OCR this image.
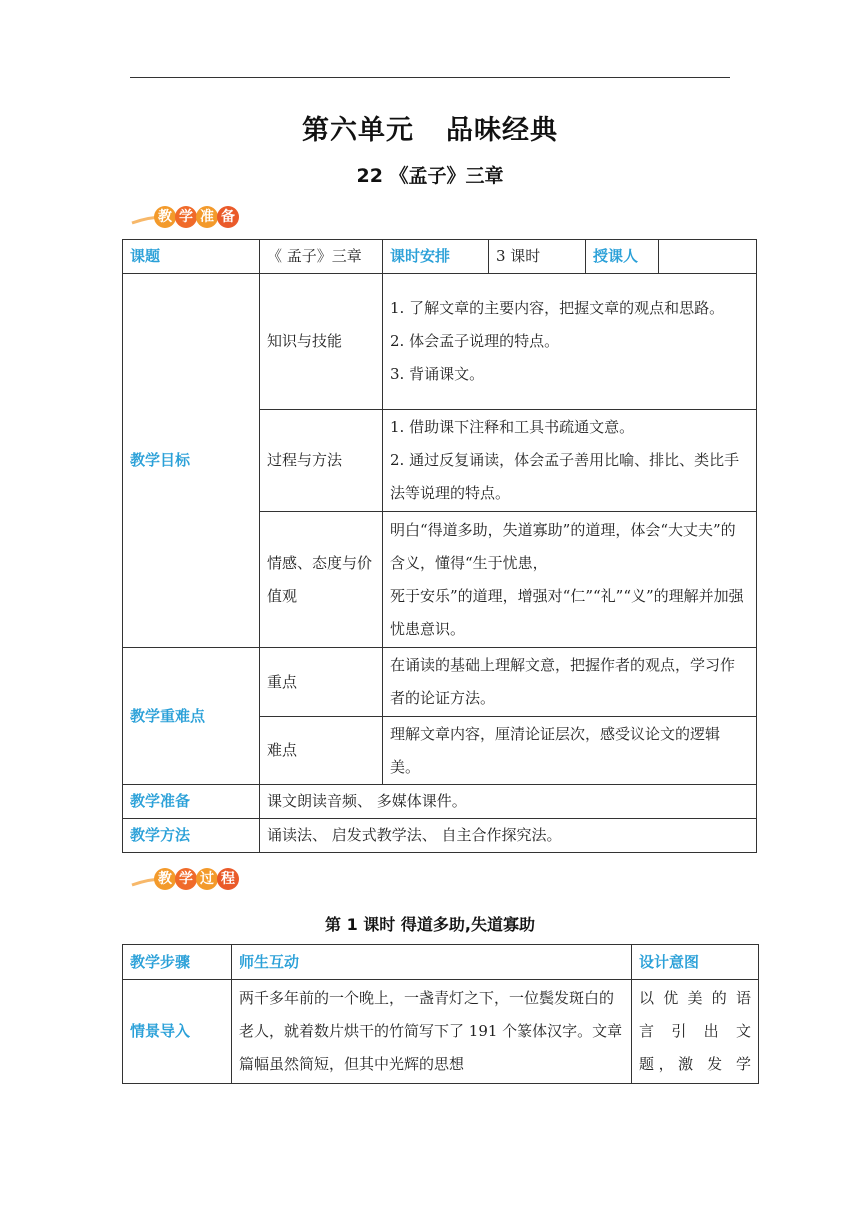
第六单元 品味经典
22 《孟子》三章
教 学 准 备
课题	《 孟子》三章	课时安排	3 课时	授课人	
教学目标	知识与技能	1. 了解文章的主要内容，把握文章的观点和思路。
2. 体会孟子说理的特点。
3. 背诵课文。			

	过程与方法	1. 借助课下注释和工具书疏通文意。
2. 通过反复诵读，体会孟子善用比喻、排比、类比手法等说理的特点。			

	情感、态度与价值观	明白“得道多助，失道寡助”的道理，体会“大丈夫”的含义，懂得“生于忧患，
死于安乐”的道理，增强对“仁”“礼”“义”的理解并加强忧患意识。			

教学重难点	重点	在诵读的基础上理解文意，把握作者的观点，学习作者的论证方法。			
	难点	理解文章内容，厘清论证层次，感受议论文的逻辑美。			
教学准备	课文朗读音频、 多媒体课件。				
教学方法	诵读法、 启发式教学法、 自主合作探究法。				
教 学 过 程
第 1 课时 得道多助,失道寡助
教学步骤	师生互动	设计意图
情景导入	两千多年前的一个晚上，一盏青灯之下，一位鬓发斑白的老人，就着数片烘干的竹简写下了 191 个篆体汉字。文章篇幅虽然简短，但其中光辉的思想	以优美的语
言 引 出 文
题，激 发 学
